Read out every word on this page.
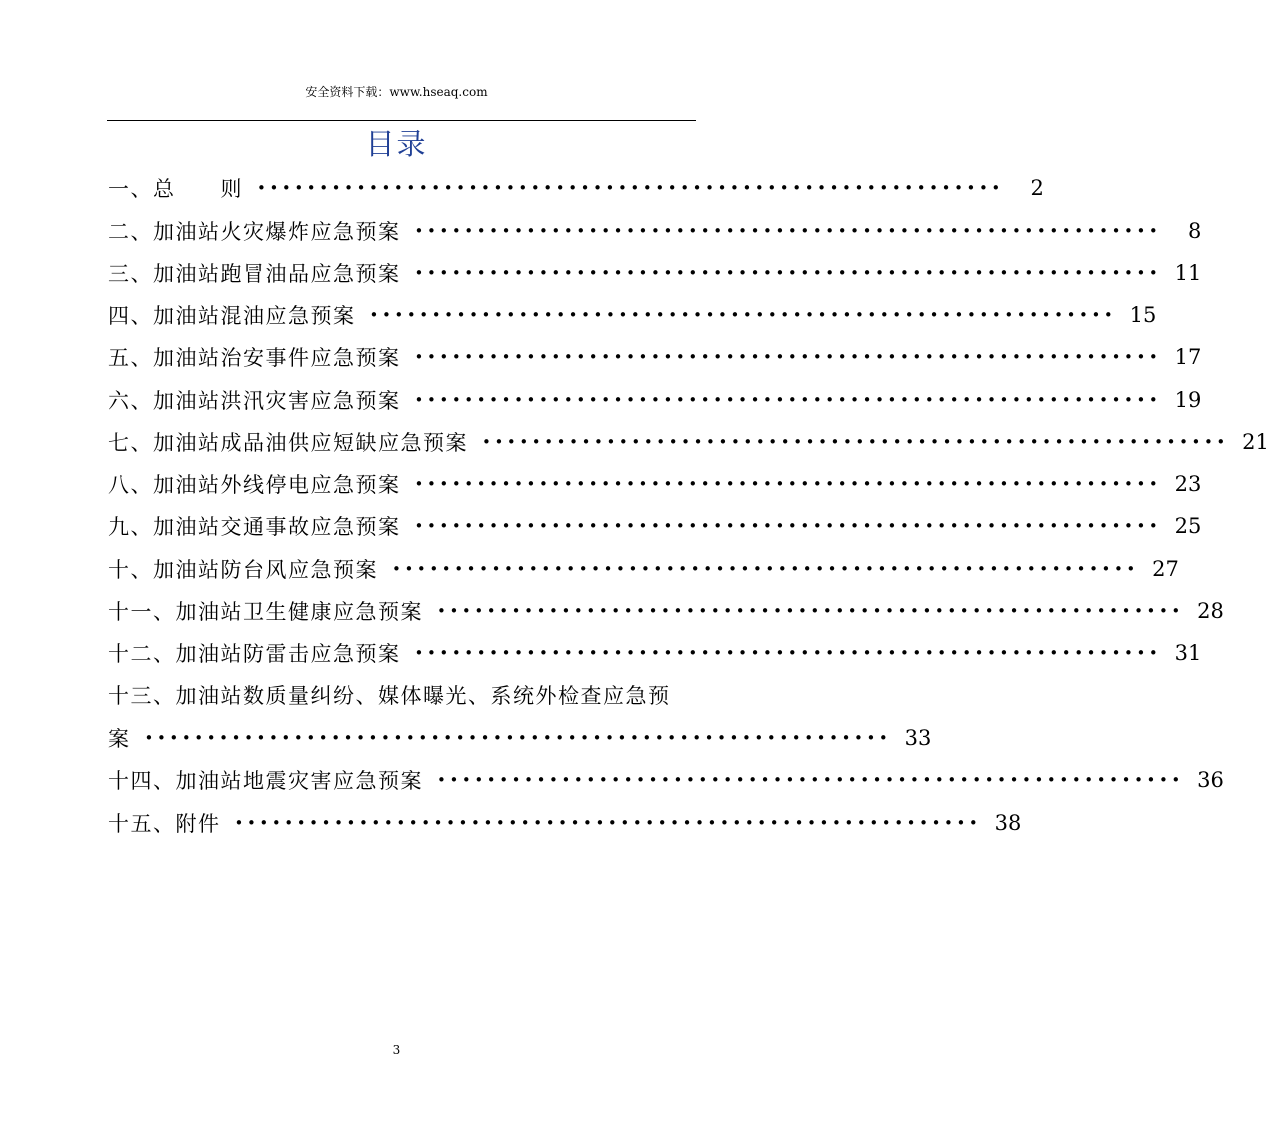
安全资料下载：www.hseaq.com
目录
一、总　　则 ••••••••••••••••••••••••••••••••••••••••••••••••••••••••••••	2
二、加油站火灾爆炸应急预案 ••••••••••••••••••••••••••••••••••••••••••••••••••••••••••••	8
三、加油站跑冒油品应急预案 •••••••••••••••••••••••••••••••••••••••••••••••••••••••••••• 11
四、加油站混油应急预案 •••••••••••••••••••••••••••••••••••••••••••••••••••••••••••• 15
五、加油站治安事件应急预案 •••••••••••••••••••••••••••••••••••••••••••••••••••••••••••• 17
六、加油站洪汛灾害应急预案 •••••••••••••••••••••••••••••••••••••••••••••••••••••••••••• 19
七、加油站成品油供应短缺应急预案 •••••••••••••••••••••••••••••••••••••••••••••••••••••••••••• 21
八、加油站外线停电应急预案 •••••••••••••••••••••••••••••••••••••••••••••••••••••••••••• 23
九、加油站交通事故应急预案 •••••••••••••••••••••••••••••••••••••••••••••••••••••••••••• 25
十、加油站防台风应急预案 •••••••••••••••••••••••••••••••••••••••••••••••••••••••••••• 27
十一、加油站卫生健康应急预案 •••••••••••••••••••••••••••••••••••••••••••••••••••••••••••• 28
十二、加油站防雷击应急预案 •••••••••••••••••••••••••••••••••••••••••••••••••••••••••••• 31
十三、加油站数质量纠纷、媒体曝光、系统外检查应急预
案 •••••••••••••••••••••••••••••••••••••••••••••••••••••••••••• 33
十四、加油站地震灾害应急预案 •••••••••••••••••••••••••••••••••••••••••••••••••••••••••••• 36
十五、附件 •••••••••••••••••••••••••••••••••••••••••••••••••••••••••••• 38
3
